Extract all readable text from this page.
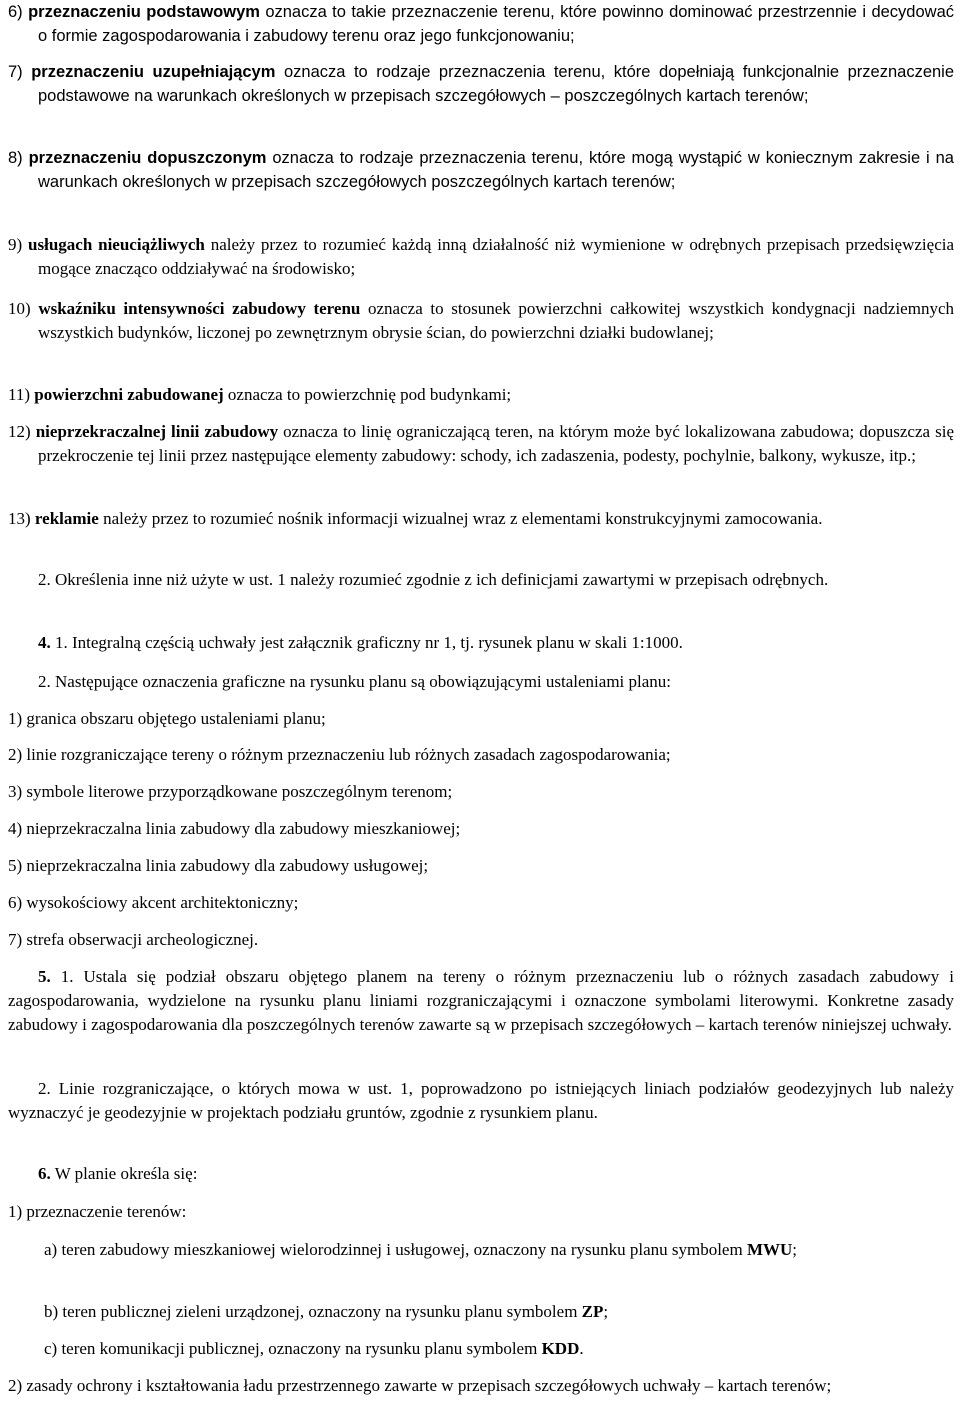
6) przeznaczeniu podstawowym oznacza to takie przeznaczenie terenu, które powinno dominować przestrzennie i decydować o formie zagospodarowania i zabudowy terenu oraz jego funkcjonowaniu;

7) przeznaczeniu uzupełniającym oznacza to rodzaje przeznaczenia terenu, które dopełniają funkcjonalnie przeznaczenie podstawowe na warunkach określonych w przepisach szczegółowych – poszczególnych kartach terenów;

8) przeznaczeniu dopuszczonym oznacza to rodzaje przeznaczenia terenu, które mogą wystąpić w koniecznym zakresie i na warunkach określonych w przepisach szczegółowych poszczególnych kartach terenów;

9) usługach nieuciążliwych należy przez to rozumieć każdą inną działalność niż wymienione w odrębnych przepisach przedsięwzięcia mogące znacząco oddziaływać na środowisko;

10) wskaźniku intensywności zabudowy terenu oznacza to stosunek powierzchni całkowitej wszystkich kondygnacji nadziemnych wszystkich budynków, liczonej po zewnętrznym obrysie ścian, do powierzchni działki budowlanej;

11) powierzchni zabudowanej oznacza to powierzchnię pod budynkami;

12) nieprzekraczalnej linii zabudowy oznacza to linię ograniczającą teren, na którym może być lokalizowana zabudowa; dopuszcza się przekroczenie tej linii przez następujące elementy zabudowy: schody, ich zadaszenia, podesty, pochylnie, balkony, wykusze, itp.;

13) reklamie należy przez to rozumieć nośnik informacji wizualnej wraz z elementami konstrukcyjnymi zamocowania.

2. Określenia inne niż użyte w ust. 1 należy rozumieć zgodnie z ich definicjami zawartymi w przepisach odrębnych.

4. 1. Integralną częścią uchwały jest załącznik graficzny nr 1, tj. rysunek planu w skali 1:1000.

2. Następujące oznaczenia graficzne na rysunku planu są obowiązującymi ustaleniami planu:

1) granica obszaru objętego ustaleniami planu;

2) linie rozgraniczające tereny o różnym przeznaczeniu lub różnych zasadach zagospodarowania;

3) symbole literowe przyporządkowane poszczególnym terenom;

4) nieprzekraczalna linia zabudowy dla zabudowy mieszkaniowej;

5) nieprzekraczalna linia zabudowy dla zabudowy usługowej;

6) wysokościowy akcent architektoniczny;

7) strefa obserwacji archeologicznej.

5. 1. Ustala się podział obszaru objętego planem na tereny o różnym przeznaczeniu lub o różnych zasadach zabudowy i zagospodarowania, wydzielone na rysunku planu liniami rozgraniczającymi i oznaczone symbolami literowymi. Konkretne zasady zabudowy i zagospodarowania dla poszczególnych terenów zawarte są w przepisach szczegółowych – kartach terenów niniejszej uchwały.

2. Linie rozgraniczające, o których mowa w ust. 1, poprowadzono po istniejących liniach podziałów geodezyjnych lub należy wyznaczyć je geodezyjnie w projektach podziału gruntów, zgodnie z rysunkiem planu.

6. W planie określa się:

1) przeznaczenie terenów:

a) teren zabudowy mieszkaniowej wielorodzinnej i usługowej, oznaczony na rysunku planu symbolem MWU;

b) teren publicznej zieleni urządzonej, oznaczony na rysunku planu symbolem ZP;

c) teren komunikacji publicznej, oznaczony na rysunku planu symbolem KDD.

2) zasady ochrony i kształtowania ładu przestrzennego zawarte w przepisach szczegółowych uchwały – kartach terenów;
